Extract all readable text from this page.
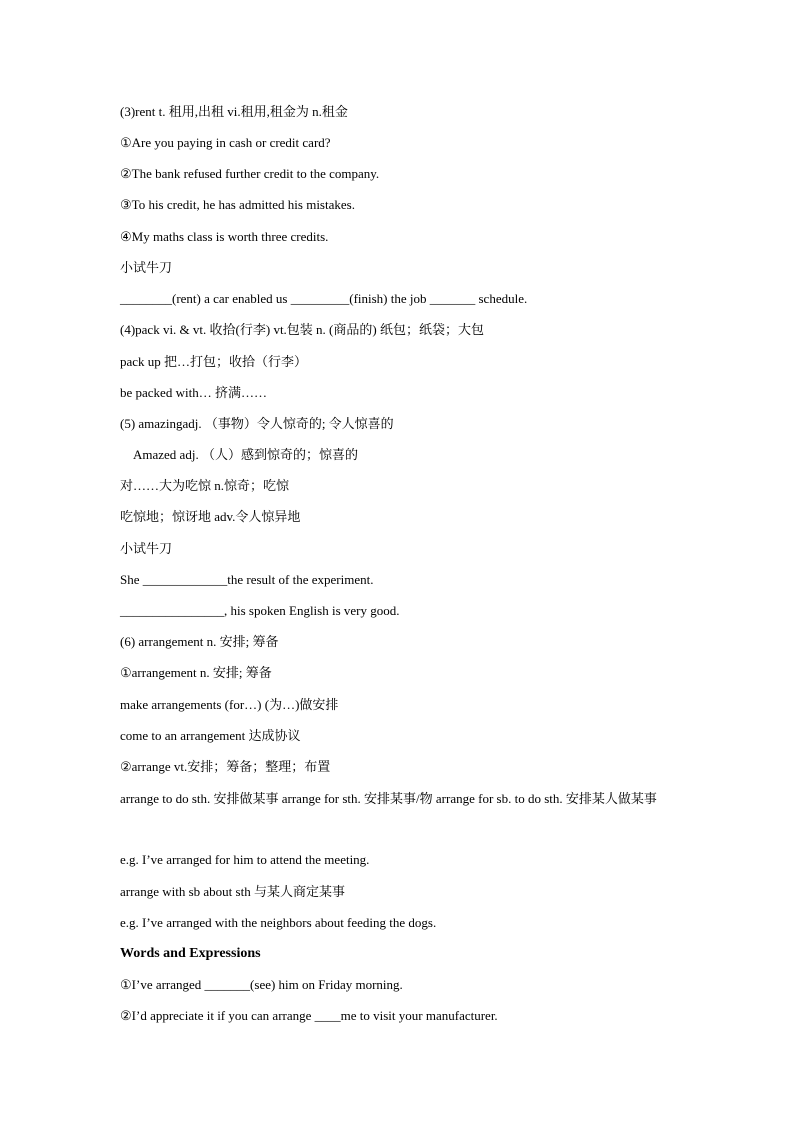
(3)rent t. 租用,出租 vi.租用,租金为 n.租金
①Are you paying in cash or credit card?
②The bank refused further credit to the company.
③To his credit, he has admitted his mistakes.
④My maths class is worth three credits.
小试牛刀
________(rent) a car enabled us _________(finish) the job _______ schedule.
(4)pack vi. & vt. 收拾(行李) vt.包装 n. (商品的) 纸包；纸袋；大包
pack up 把…打包；收拾（行李）
be packed with… 挤满……
(5) amazingadj. （事物）令人惊奇的; 令人惊喜的
Amazed adj. （人）感到惊奇的；惊喜的
对……大为吃惊 n.惊奇；吃惊
吃惊地；惊讶地 adv.令人惊异地
小试牛刀
She _____________the result of the experiment.
________________, his spoken English is very good.
(6) arrangement n. 安排; 筹备
①arrangement n. 安排; 筹备
make arrangements (for…) (为…)做安排
come to an arrangement 达成协议
②arrange vt.安排；筹备；整理；布置
arrange to do sth. 安排做某事 arrange for sth. 安排某事/物 arrange for sb. to do sth. 安排某人做某事
e.g. I’ve arranged for him to attend the meeting.
arrange with sb about sth 与某人商定某事
e.g. I’ve arranged with the neighbors about feeding the dogs.
Words and Expressions
①I’ve arranged _______(see) him on Friday morning.
②I’d appreciate it if you can arrange ____me to visit your manufacturer.
